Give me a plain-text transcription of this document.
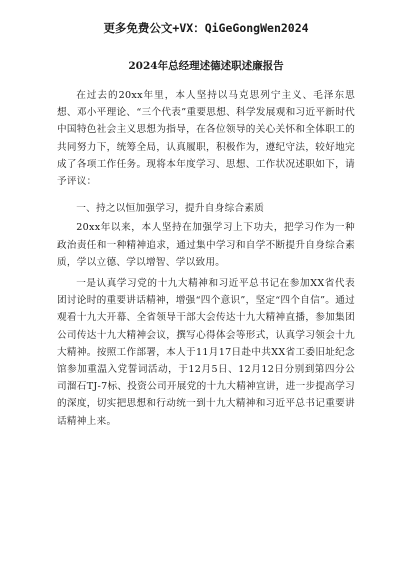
更多免费公文+VX：QiGeGongWen2024
2024年总经理述德述职述廉报告

在过去的20xx年里，本人坚持以马克思列宁主义、毛泽东思想、邓小平理论、“三个代表”重要思想、科学发展观和习近平新时代中国特色社会主义思想为指导，在各位领导的关心关怀和全体职工的共同努力下，统筹全局，认真履职，积极作为，遵纪守法，较好地完成了各项工作任务。现将本年度学习、思想、工作状况述职如下，请予评议：

一、持之以恒加强学习，提升自身综合素质

20xx年以来，本人坚持在加强学习上下功夫，把学习作为一种政治责任和一种精神追求，通过集中学习和自学不断提升自身综合素质，学以立德、学以增智、学以致用。

一是认真学习党的十九大精神和习近平总书记在参加XX省代表团讨论时的重要讲话精神，增强“四个意识”，坚定“四个自信”。通过观看十九大开幕、全省领导干部大会传达十九大精神直播，参加集团公司传达十九大精神会议，撰写心得体会等形式，认真学习领会十九大精神。按照工作部署，本人于11月17日赴中共XX省工委旧址纪念馆参加重温入党誓词活动，于12月5日、12月12日分别到第四分公司溜石TJ-7标、投资公司开展党的十九大精神宣讲，进一步提高学习的深度，切实把思想和行动统一到十九大精神和习近平总书记重要讲话精神上来。
